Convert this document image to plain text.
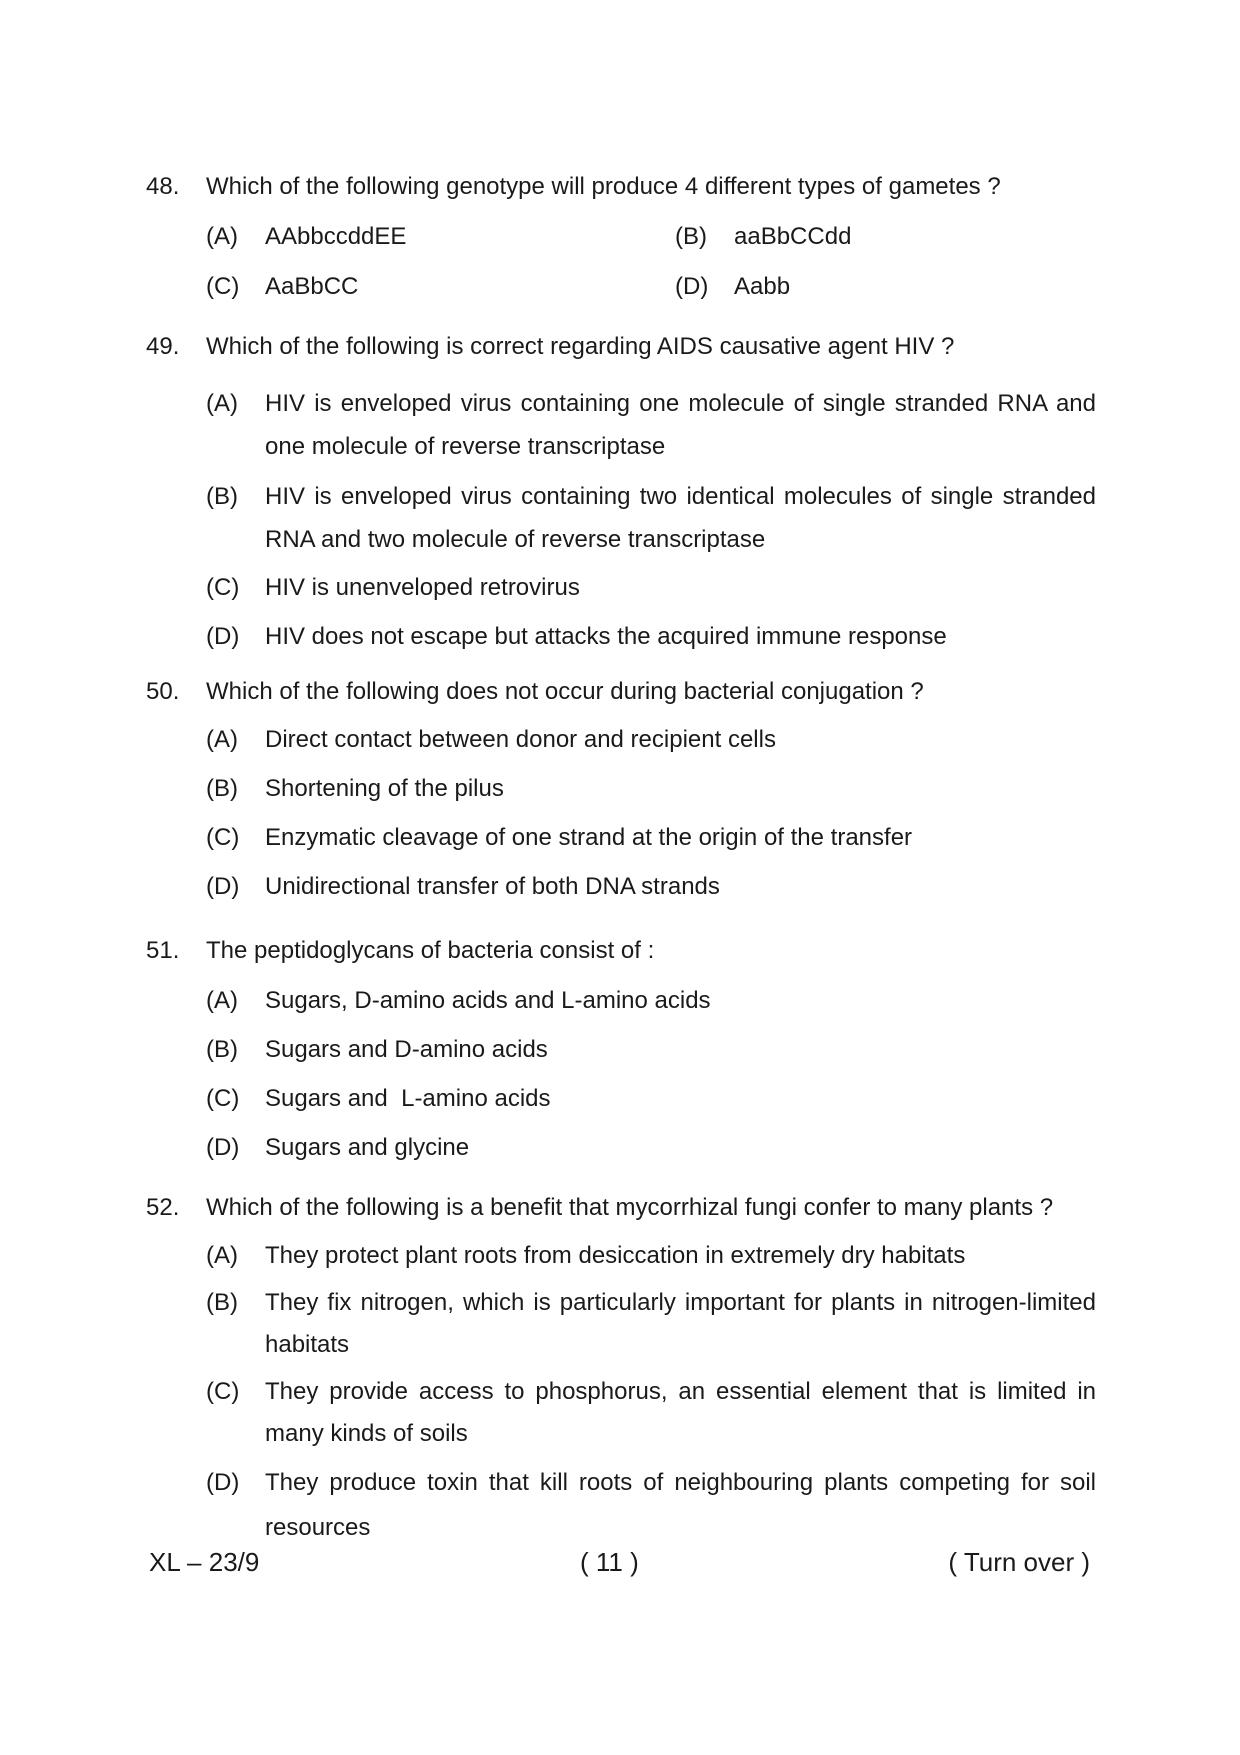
48. Which of the following genotype will produce 4 different types of gametes ?
(A) AAbbccddEE	(B) aaBbCCdd
(C) AaBbCC	(D) Aabb
49. Which of the following is correct regarding AIDS causative agent HIV ?
(A) HIV is enveloped virus containing one molecule of single stranded RNA and one molecule of reverse transcriptase
(B) HIV is enveloped virus containing two identical molecules of single stranded RNA and two molecule of reverse transcriptase
(C) HIV is unenveloped retrovirus
(D) HIV does not escape but attacks the acquired immune response
50. Which of the following does not occur during bacterial conjugation ?
(A) Direct contact between donor and recipient cells
(B) Shortening of the pilus
(C) Enzymatic cleavage of one strand at the origin of the transfer
(D) Unidirectional transfer of both DNA strands
51. The peptidoglycans of bacteria consist of :
(A) Sugars, D-amino acids and L-amino acids
(B) Sugars and D-amino acids
(C) Sugars and  L-amino acids
(D) Sugars and glycine
52. Which of the following is a benefit that mycorrhizal fungi confer to many plants ?
(A) They protect plant roots from desiccation in extremely dry habitats
(B) They fix nitrogen, which is particularly important for plants in nitrogen-limited habitats
(C) They provide access to phosphorus, an essential element that is limited in many kinds of soils
(D) They produce toxin that kill roots of neighbouring plants competing for soil resources
XL – 23/9	( 11 )	( Turn over )
